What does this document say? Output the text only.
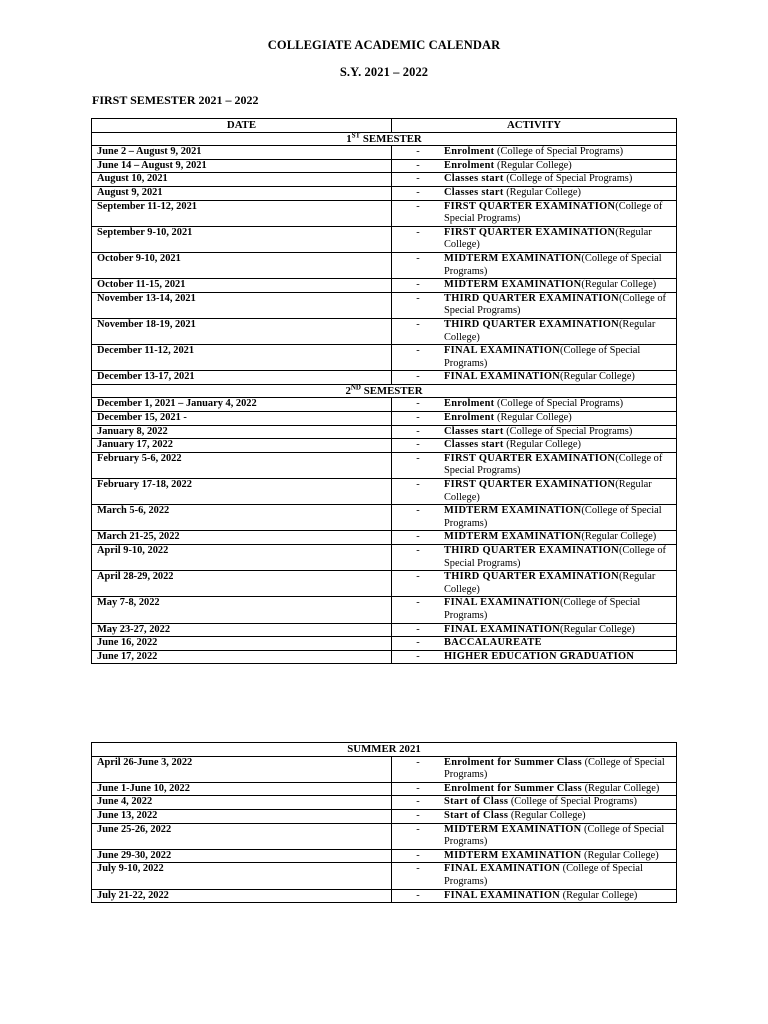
COLLEGIATE ACADEMIC CALENDAR
S.Y. 2021 – 2022
FIRST SEMESTER 2021 – 2022
DATE	ACTIVITY
1ST SEMESTER	
June 2 – August 9, 2021	- Enrolment (College of Special Programs)

June 14 – August 9, 2021	- Enrolment (Regular College)

August 10, 2021	- Classes start (College of Special Programs)

August 9, 2021	- Classes start (Regular College)

September 11-12, 2021	- FIRST QUARTER EXAMINATION(College of Special Programs)

September 9-10, 2021	- FIRST QUARTER EXAMINATION(Regular College)

October 9-10, 2021	- MIDTERM EXAMINATION(College of Special Programs)

October 11-15, 2021	- MIDTERM EXAMINATION(Regular College)

November 13-14, 2021	- THIRD QUARTER EXAMINATION(College of Special Programs)

November 18-19, 2021	- THIRD QUARTER EXAMINATION(Regular College)

December 11-12, 2021	- FINAL EXAMINATION(College of Special Programs)

December 13-17, 2021	- FINAL EXAMINATION(Regular College)

2ND SEMESTER	
December 1, 2021 – January 4, 2022	- Enrolment (College of Special Programs)

December 15, 2021 -	- Enrolment (Regular College)

January 8, 2022	- Classes start (College of Special Programs)

January 17, 2022	- Classes start (Regular College)

February 5-6, 2022	- FIRST QUARTER EXAMINATION(College of Special Programs)

February 17-18, 2022	- FIRST QUARTER EXAMINATION(Regular College)

March 5-6, 2022	- MIDTERM EXAMINATION(College of Special Programs)

March 21-25, 2022	- MIDTERM EXAMINATION(Regular College)

April 9-10, 2022	- THIRD QUARTER EXAMINATION(College of Special Programs)

April 28-29, 2022	- THIRD QUARTER EXAMINATION(Regular College)

May 7-8, 2022	- FINAL EXAMINATION(College of Special Programs)

May 23-27, 2022	- FINAL EXAMINATION(Regular College)

June 16, 2022	- BACCALAUREATE

June 17, 2022	- HIGHER EDUCATION GRADUATION
SUMMER 2021	
April 26-June 3, 2022	- Enrolment for Summer Class (College of Special Programs)

June 1-June 10, 2022	- Enrolment for Summer Class (Regular College)

June 4, 2022	- Start of Class (College of Special Programs)

June 13, 2022	- Start of Class (Regular College)

June 25-26, 2022	- MIDTERM EXAMINATION (College of Special Programs)

June 29-30, 2022	- MIDTERM EXAMINATION (Regular College)

July 9-10, 2022	- FINAL EXAMINATION (College of Special Programs)

July 21-22, 2022	- FINAL EXAMINATION (Regular College)
